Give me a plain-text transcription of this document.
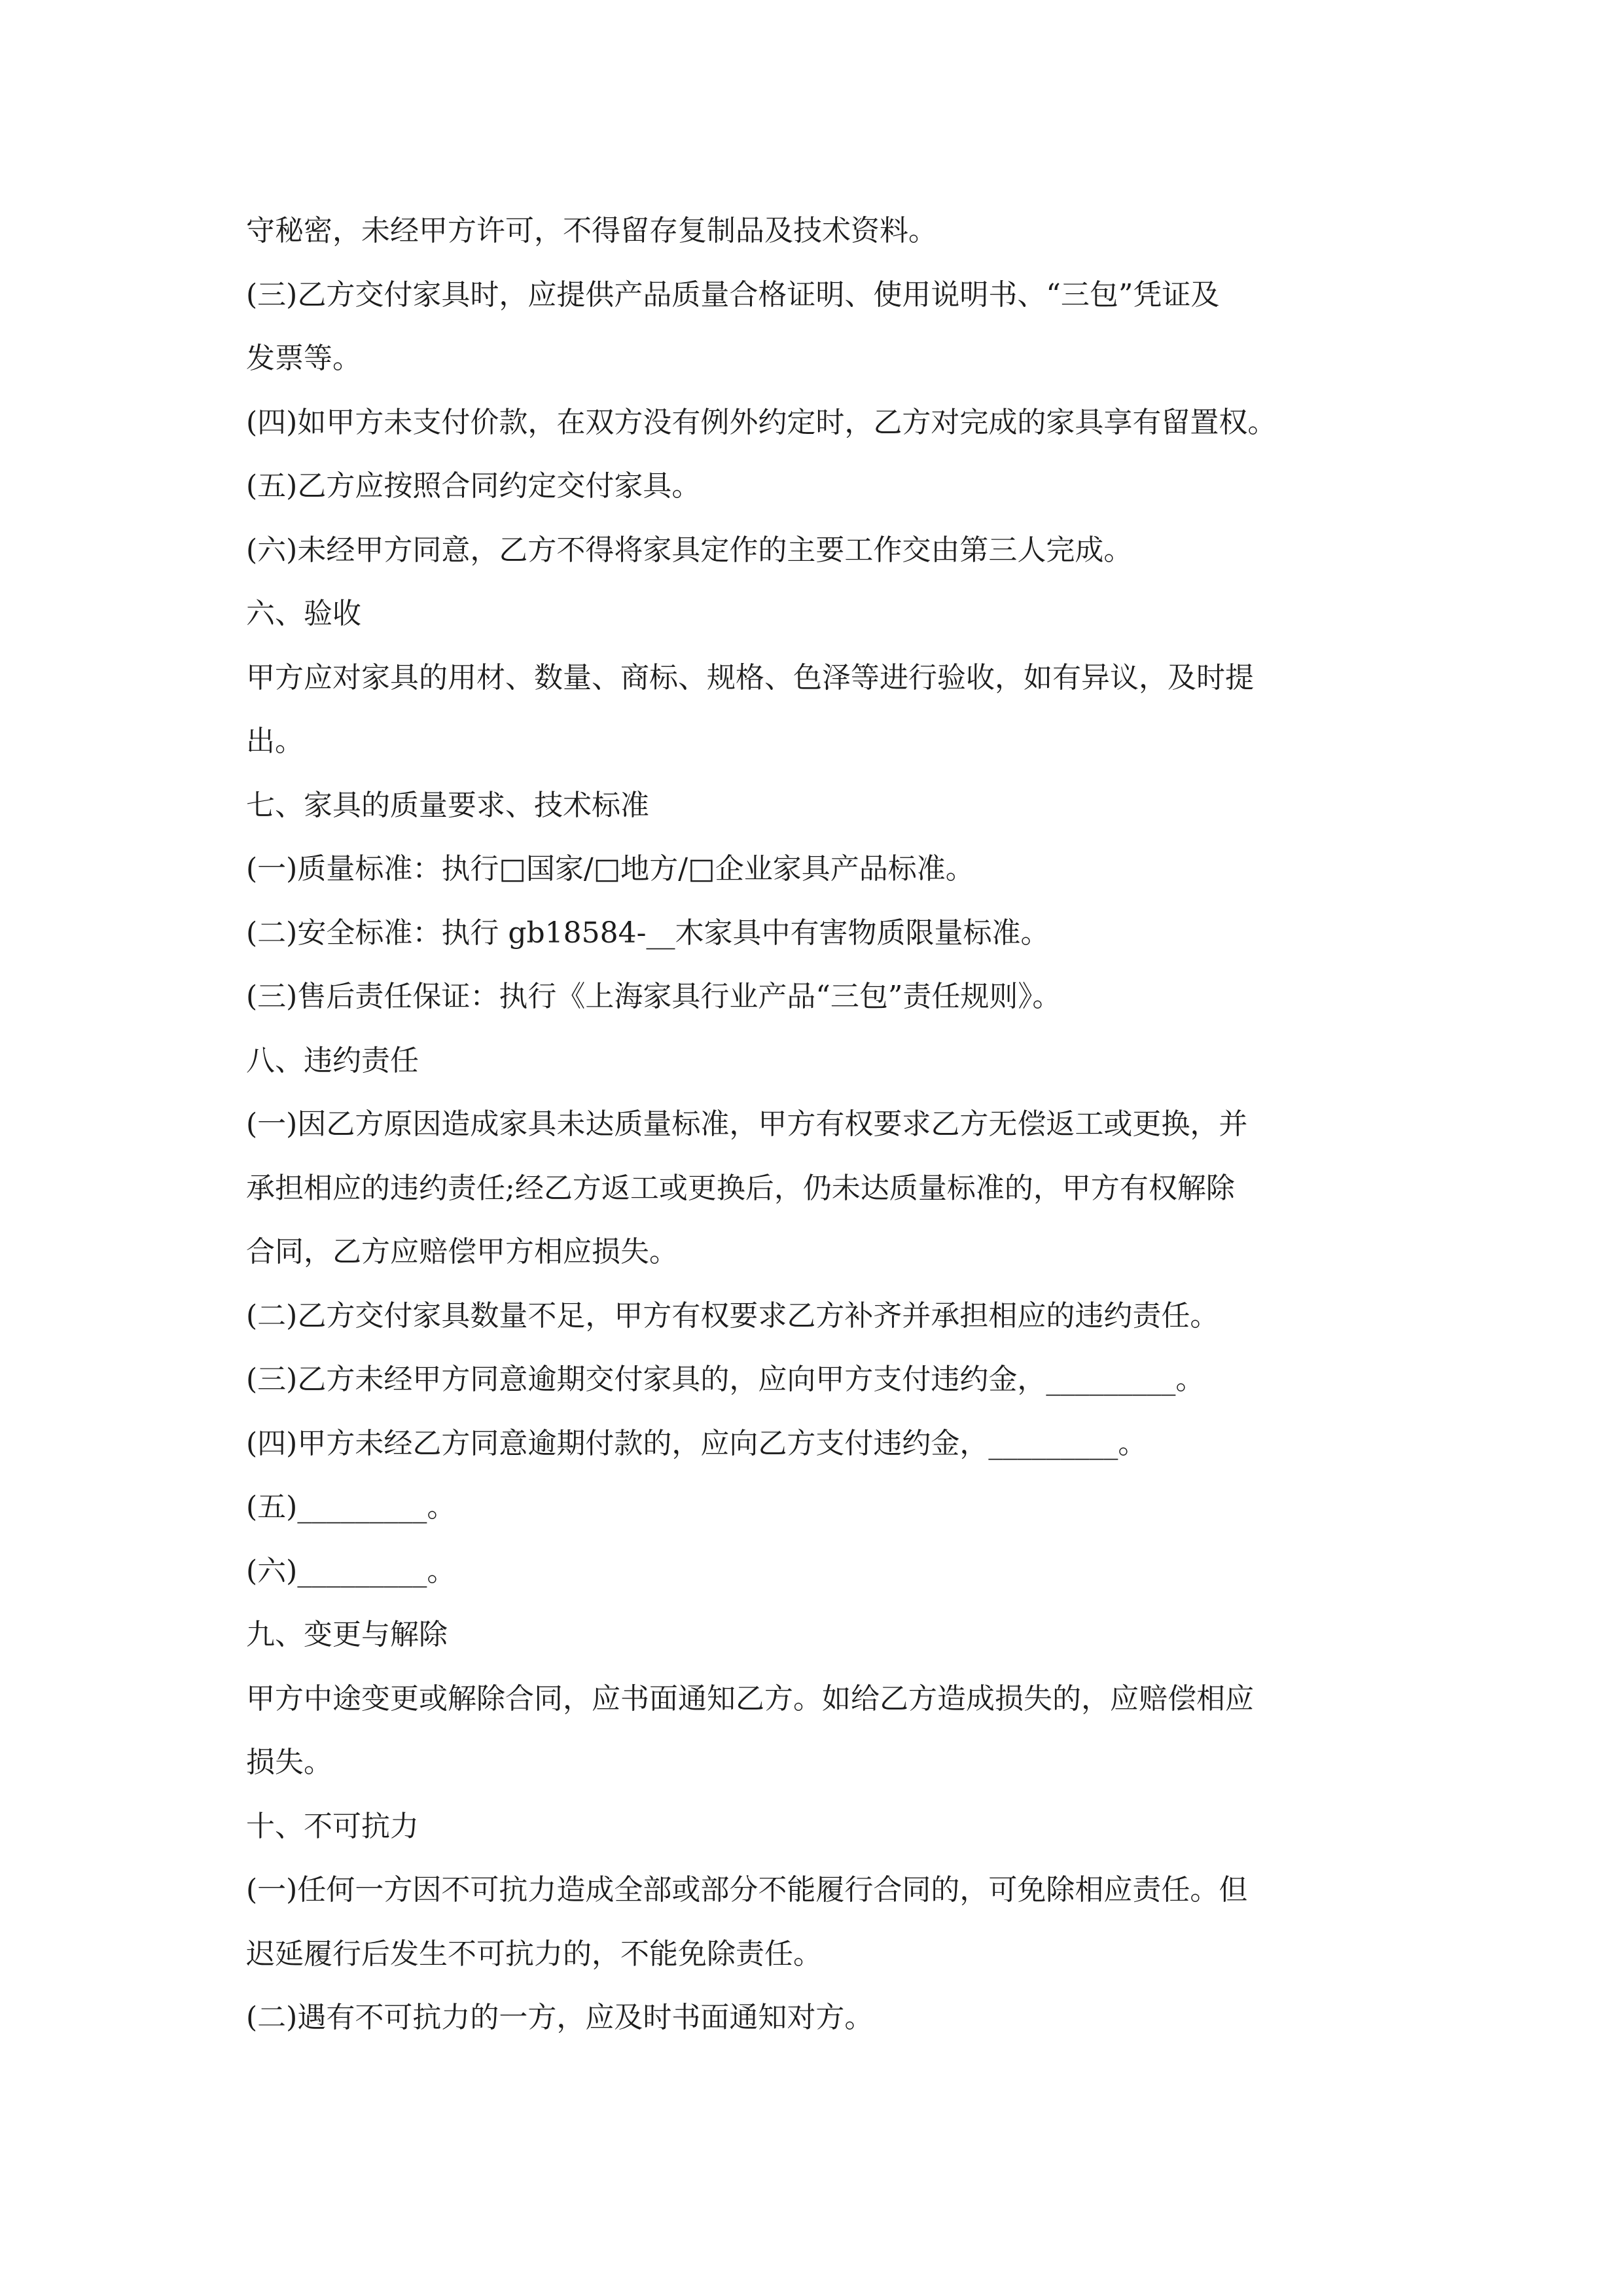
守秘密，未经甲方许可，不得留存复制品及技术资料。
(三)乙方交付家具时，应提供产品质量合格证明、使用说明书、“三包”凭证及
发票等。
(四)如甲方未支付价款，在双方没有例外约定时，乙方对完成的家具享有留置权。
(五)乙方应按照合同约定交付家具。
(六)未经甲方同意，乙方不得将家具定作的主要工作交由第三人完成。
六、验收
甲方应对家具的用材、数量、商标、规格、色泽等进行验收，如有异议，及时提
出。
七、家具的质量要求、技术标准
(一)质量标准：执行□国家/□地方/□企业家具产品标准。
(二)安全标准：执行 gb18584-__木家具中有害物质限量标准。
(三)售后责任保证：执行《上海家具行业产品“三包”责任规则》。
八、违约责任
(一)因乙方原因造成家具未达质量标准，甲方有权要求乙方无偿返工或更换，并
承担相应的违约责任;经乙方返工或更换后，仍未达质量标准的，甲方有权解除
合同，乙方应赔偿甲方相应损失。
(二)乙方交付家具数量不足，甲方有权要求乙方补齐并承担相应的违约责任。
(三)乙方未经甲方同意逾期交付家具的，应向甲方支付违约金，_________。
(四)甲方未经乙方同意逾期付款的，应向乙方支付违约金，_________。
(五)_________。
(六)_________。
九、变更与解除
甲方中途变更或解除合同，应书面通知乙方。如给乙方造成损失的，应赔偿相应
损失。
十、不可抗力
(一)任何一方因不可抗力造成全部或部分不能履行合同的，可免除相应责任。但
迟延履行后发生不可抗力的，不能免除责任。
(二)遇有不可抗力的一方，应及时书面通知对方。
